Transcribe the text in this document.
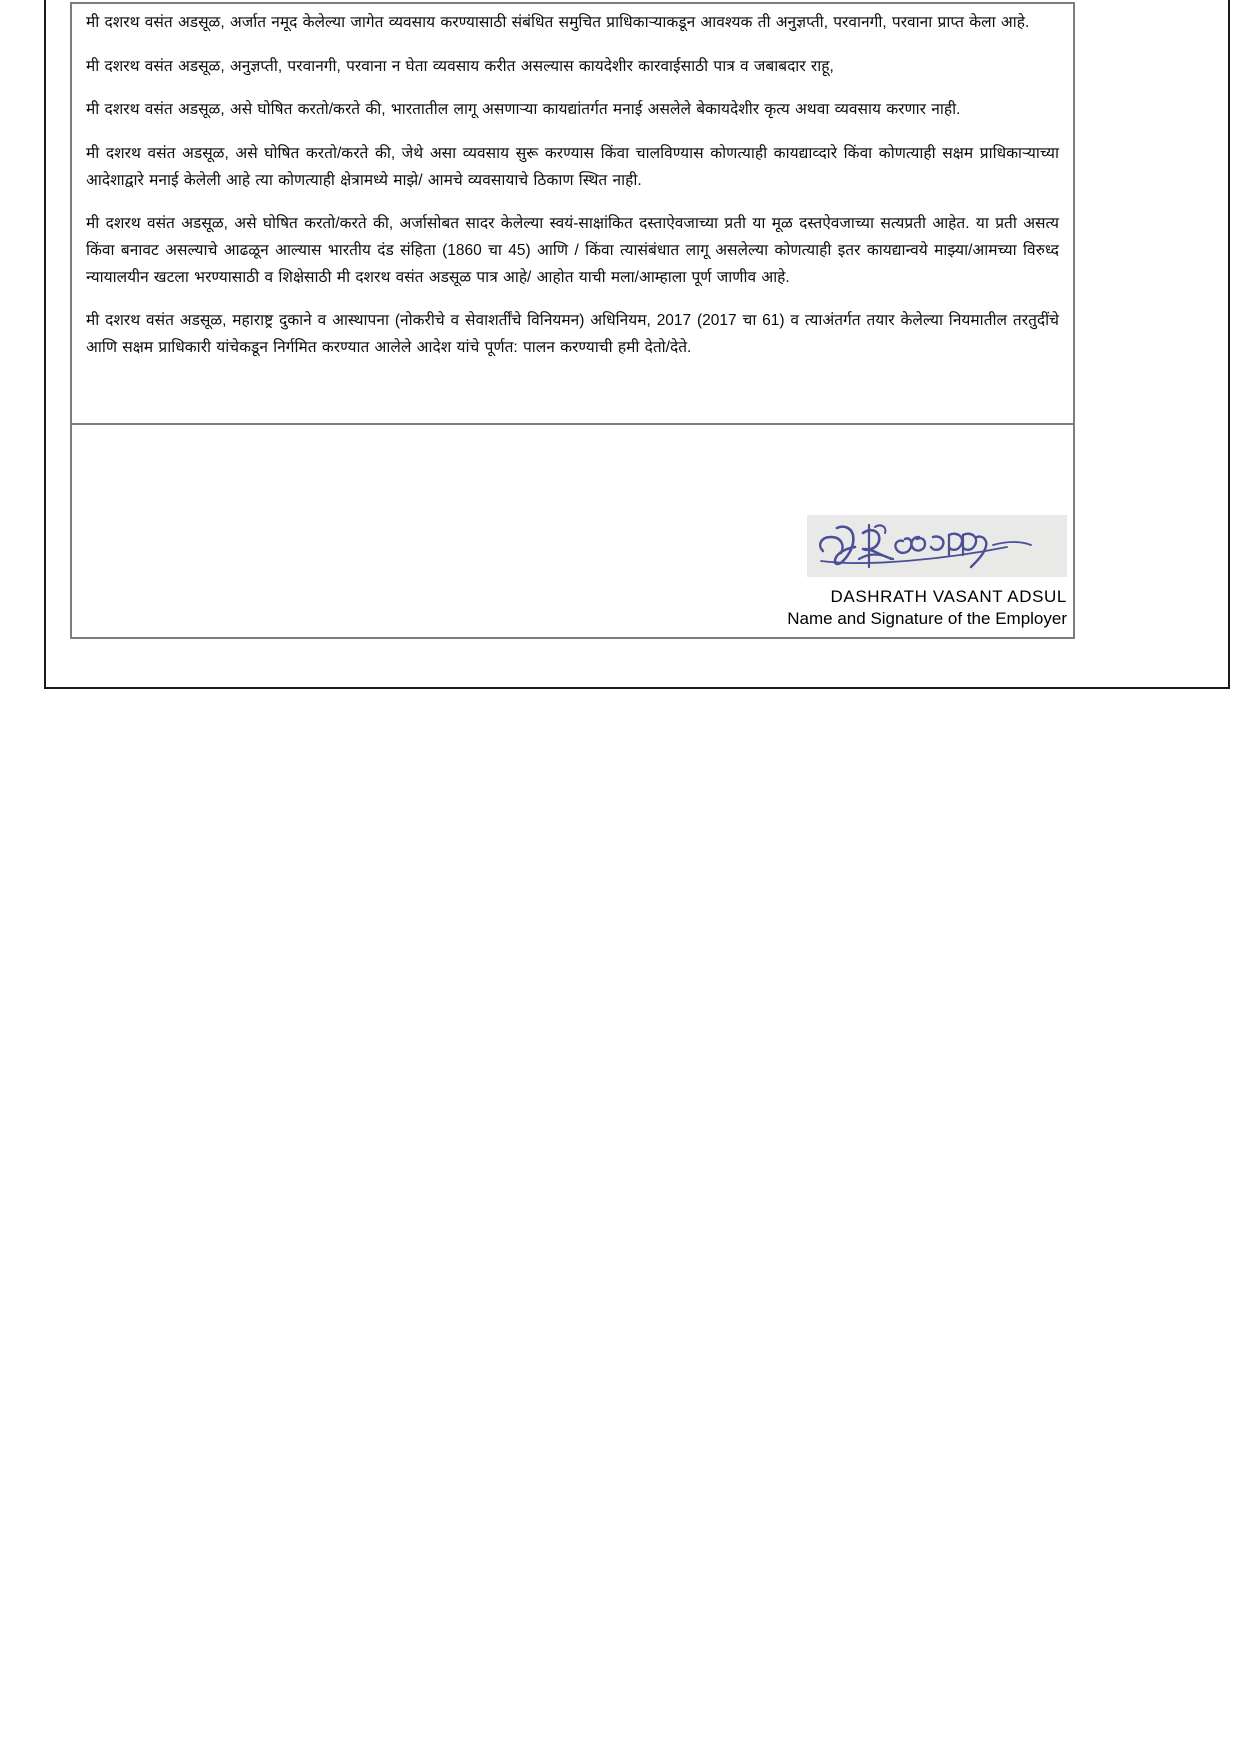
मी दशरथ वसंत अडसूळ, अर्जात नमूद केलेल्या जागेत व्यवसाय करण्यासाठी संबंधित समुचित प्राधिकाऱ्याकडून आवश्यक ती अनुज्ञप्ती, परवानगी, परवाना प्राप्त केला आहे.

मी दशरथ वसंत अडसूळ, अनुज्ञप्ती, परवानगी, परवाना न घेता व्यवसाय करीत असल्यास कायदेशीर कारवाईसाठी पात्र व जबाबदार राहू,

मी दशरथ वसंत अडसूळ, असे घोषित करतो/करते की, भारतातील लागू असणाऱ्या कायद्यांतर्गत मनाई असलेले बेकायदेशीर कृत्य अथवा व्यवसाय करणार नाही.

मी दशरथ वसंत अडसूळ, असे घोषित करतो/करते की, जेथे असा व्यवसाय सुरू करण्यास किंवा चालविण्यास कोणत्याही कायद्याव्दारे किंवा कोणत्याही सक्षम प्राधिकाऱ्याच्या आदेशाद्वारे मनाई केलेली आहे त्या कोणत्याही क्षेत्रामध्ये माझे/ आमचे व्यवसायाचे ठिकाण स्थित नाही.

मी दशरथ वसंत अडसूळ, असे घोषित करतो/करते की, अर्जासोबत सादर केलेल्या स्वयं-साक्षांकित दस्ताऐवजाच्या प्रती या मूळ दस्तऐवजाच्या सत्यप्रती आहेत. या प्रती असत्य किंवा बनावट असल्याचे आढळून आल्यास भारतीय दंड संहिता (1860 चा 45) आणि / किंवा त्यासंबंधात लागू असलेल्या कोणत्याही इतर कायद्यान्वये माझ्या/आमच्या विरुध्द न्यायालयीन खटला भरण्यासाठी व शिक्षेसाठी मी दशरथ वसंत अडसूळ पात्र आहे/ आहोत याची मला/आम्हाला पूर्ण जाणीव आहे.

मी दशरथ वसंत अडसूळ, महाराष्ट्र दुकाने व आस्थापना (नोकरीचे व सेवाशर्तींचे विनियमन) अधिनियम, 2017 (2017 चा 61) व त्याअंतर्गत तयार केलेल्या नियमातील तरतुदींचे आणि सक्षम प्राधिकारी यांचेकडून निर्गमित करण्यात आलेले आदेश यांचे पूर्णत: पालन करण्याची हमी देतो/देते.

DASHRATH VASANT ADSUL
Name and Signature of the Employer
